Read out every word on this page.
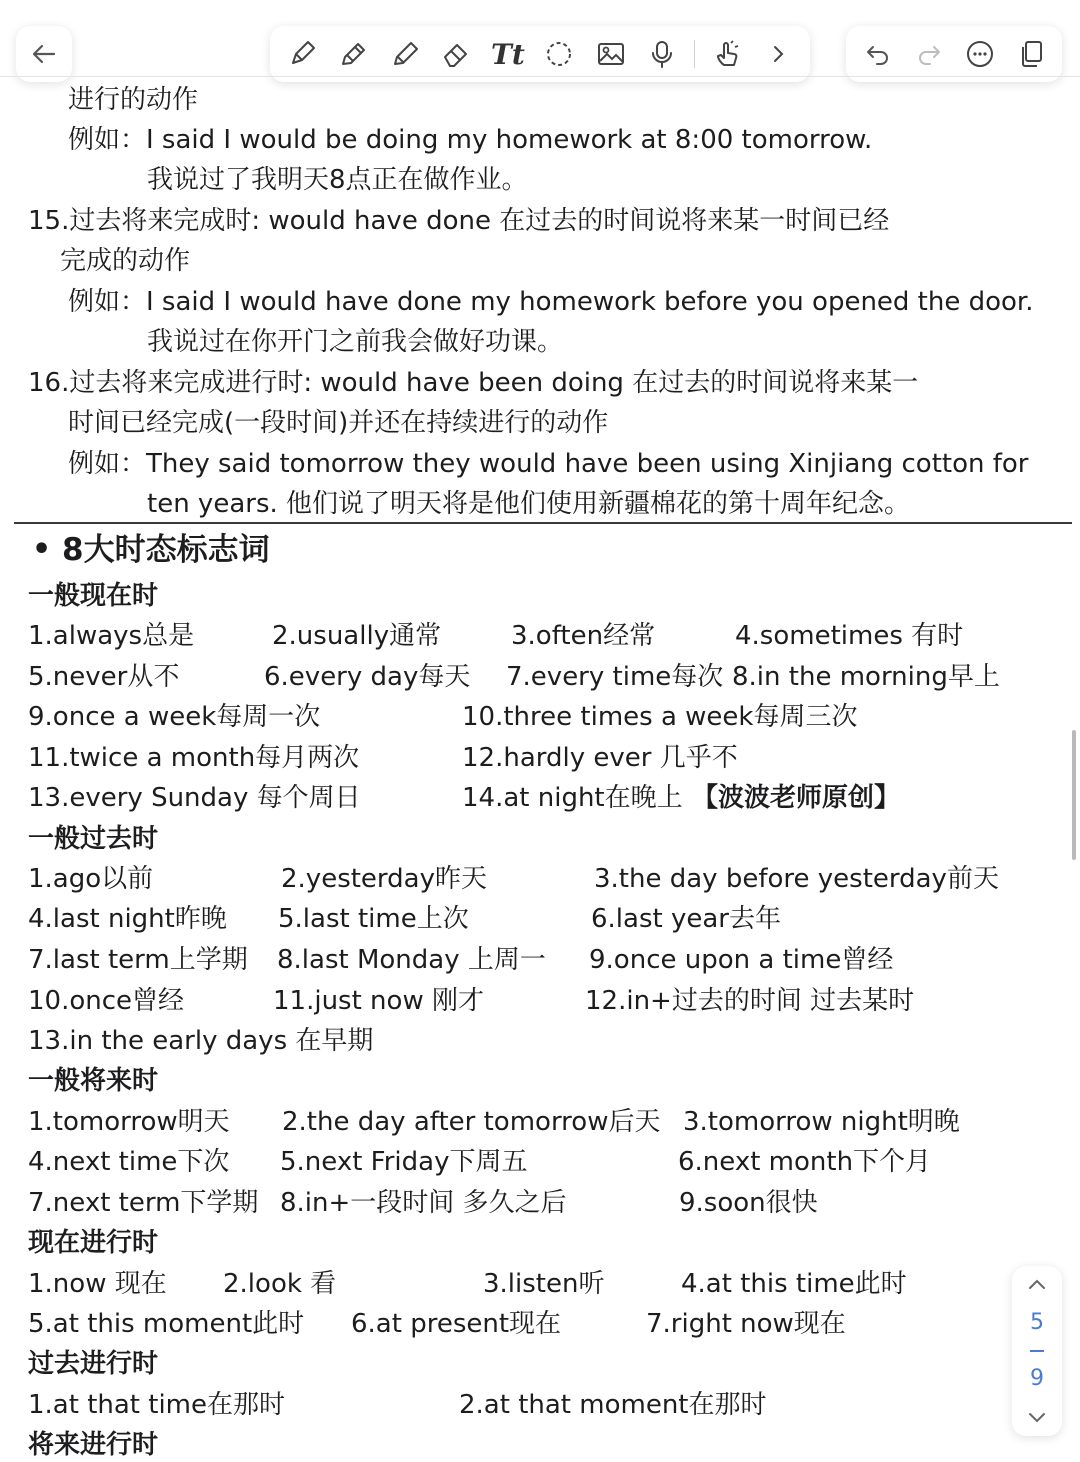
Tt
进行的动作
例如：I said I would be doing my homework at 8:00 tomorrow.
我说过了我明天8点正在做作业。
15.过去将来完成时: would have done 在过去的时间说将来某一时间已经
完成的动作
例如：I said I would have done my homework before you opened the door.
我说过在你开门之前我会做好功课。
16.过去将来完成进行时: would have been doing 在过去的时间说将来某一
时间已经完成(一段时间)并还在持续进行的动作
例如：They said tomorrow they would have been using Xinjiang cotton for
ten years. 他们说了明天将是他们使用新疆棉花的第十周年纪念。
• 8大时态标志词
一般现在时
1.always总是	2.usually通常	3.often经常	4.sometimes 有时
5.never从不	6.every day每天 7.every time每次 8.in the morning早上
9.once a week每周一次	10.three times a week每周三次
11.twice a month每月两次	12.hardly ever 几乎不
13.every Sunday 每个周日	14.at night在晚上 【波波老师原创】
一般过去时
1.ago以前	2.yesterday昨天	3.the day before yesterday前天
4.last night昨晚 5.last time上次	6.last year去年
7.last term上学期 8.last Monday 上周一 9.once upon a time曾经
10.once曾经	11.just now 刚才	12.in+过去的时间 过去某时
13.in the early days 在早期
一般将来时
1.tomorrow明天 2.the day after tomorrow后天 3.tomorrow night明晚
4.next time下次 5.next Friday下周五	6.next month下个月
7.next term下学期 8.in+一段时间 多久之后	9.soon很快
现在进行时
1.now 现在 2.look 看	3.listen听	4.at this time此时
5.at this moment此时 6.at present现在	7.right now现在
过去进行时
1.at that time在那时	2.at that moment在那时
将来进行时
5
9
